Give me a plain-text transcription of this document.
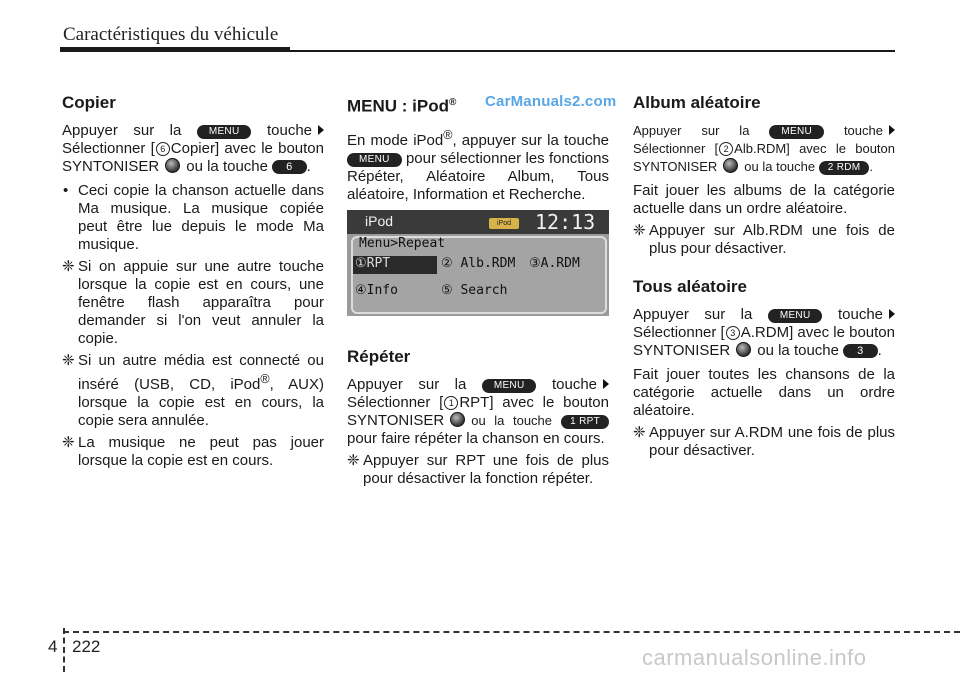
Caractéristiques du véhicule
CarManuals2.com
Copier

Appuyer sur la	MENU touche Sélectionner [ 6 Copier] avec le bouton SYNTONISER ou la touche 6 .

• Ceci copie la chanson actuelle dans Ma musique. La musique copiée peut être lue depuis le mode Ma musique.
❈ Si on appuie sur une autre touche lorsque la copie est en cours, une fenêtre flash apparaîtra pour demander si l'on veut annuler la copie.
❈ Si un autre média est connecté ou inséré (USB, CD, iPod®, AUX) lorsque la copie est en cours, la copie sera annulée.
❈ La musique ne peut pas jouer lorsque la copie est en cours.
MENU : iPod®

En mode iPod®, appuyer sur la touche MENU pour sélectionner les fonctions Répéter, Aléatoire Album, Tous aléatoire, Information et Recherche.

iPod	iPod	12:13
Menu>Repeat
①RPT	② Alb.RDM ③A.RDM
④Info	⑤ Search
Répéter

Appuyer sur la	MENU touche Sélectionner [ 1 RPT] avec le bouton SYNTONISER ou la touche 1 RPT pour faire répéter la chanson en cours.

❈ Appuyer sur RPT une fois de plus pour désactiver la fonction répéter.
Album aléatoire

Appuyer sur la	MENU touche Sélectionner [ 2 Alb.RDM] avec le bouton SYNTONISER ou la touche 2 RDM .

Fait jouer les albums de la catégorie actuelle dans un ordre aléatoire.

❈ Appuyer sur Alb.RDM une fois de plus pour désactiver.
Tous aléatoire

Appuyer sur la	MENU touche Sélectionner [ 3 A.RDM] avec le bouton SYNTONISER ou la touche 3 .

Fait jouer toutes les chansons de la catégorie actuelle dans un ordre aléatoire.

❈ Appuyer sur A.RDM une fois de plus pour désactiver.
4 222	carmanualsonline.info
